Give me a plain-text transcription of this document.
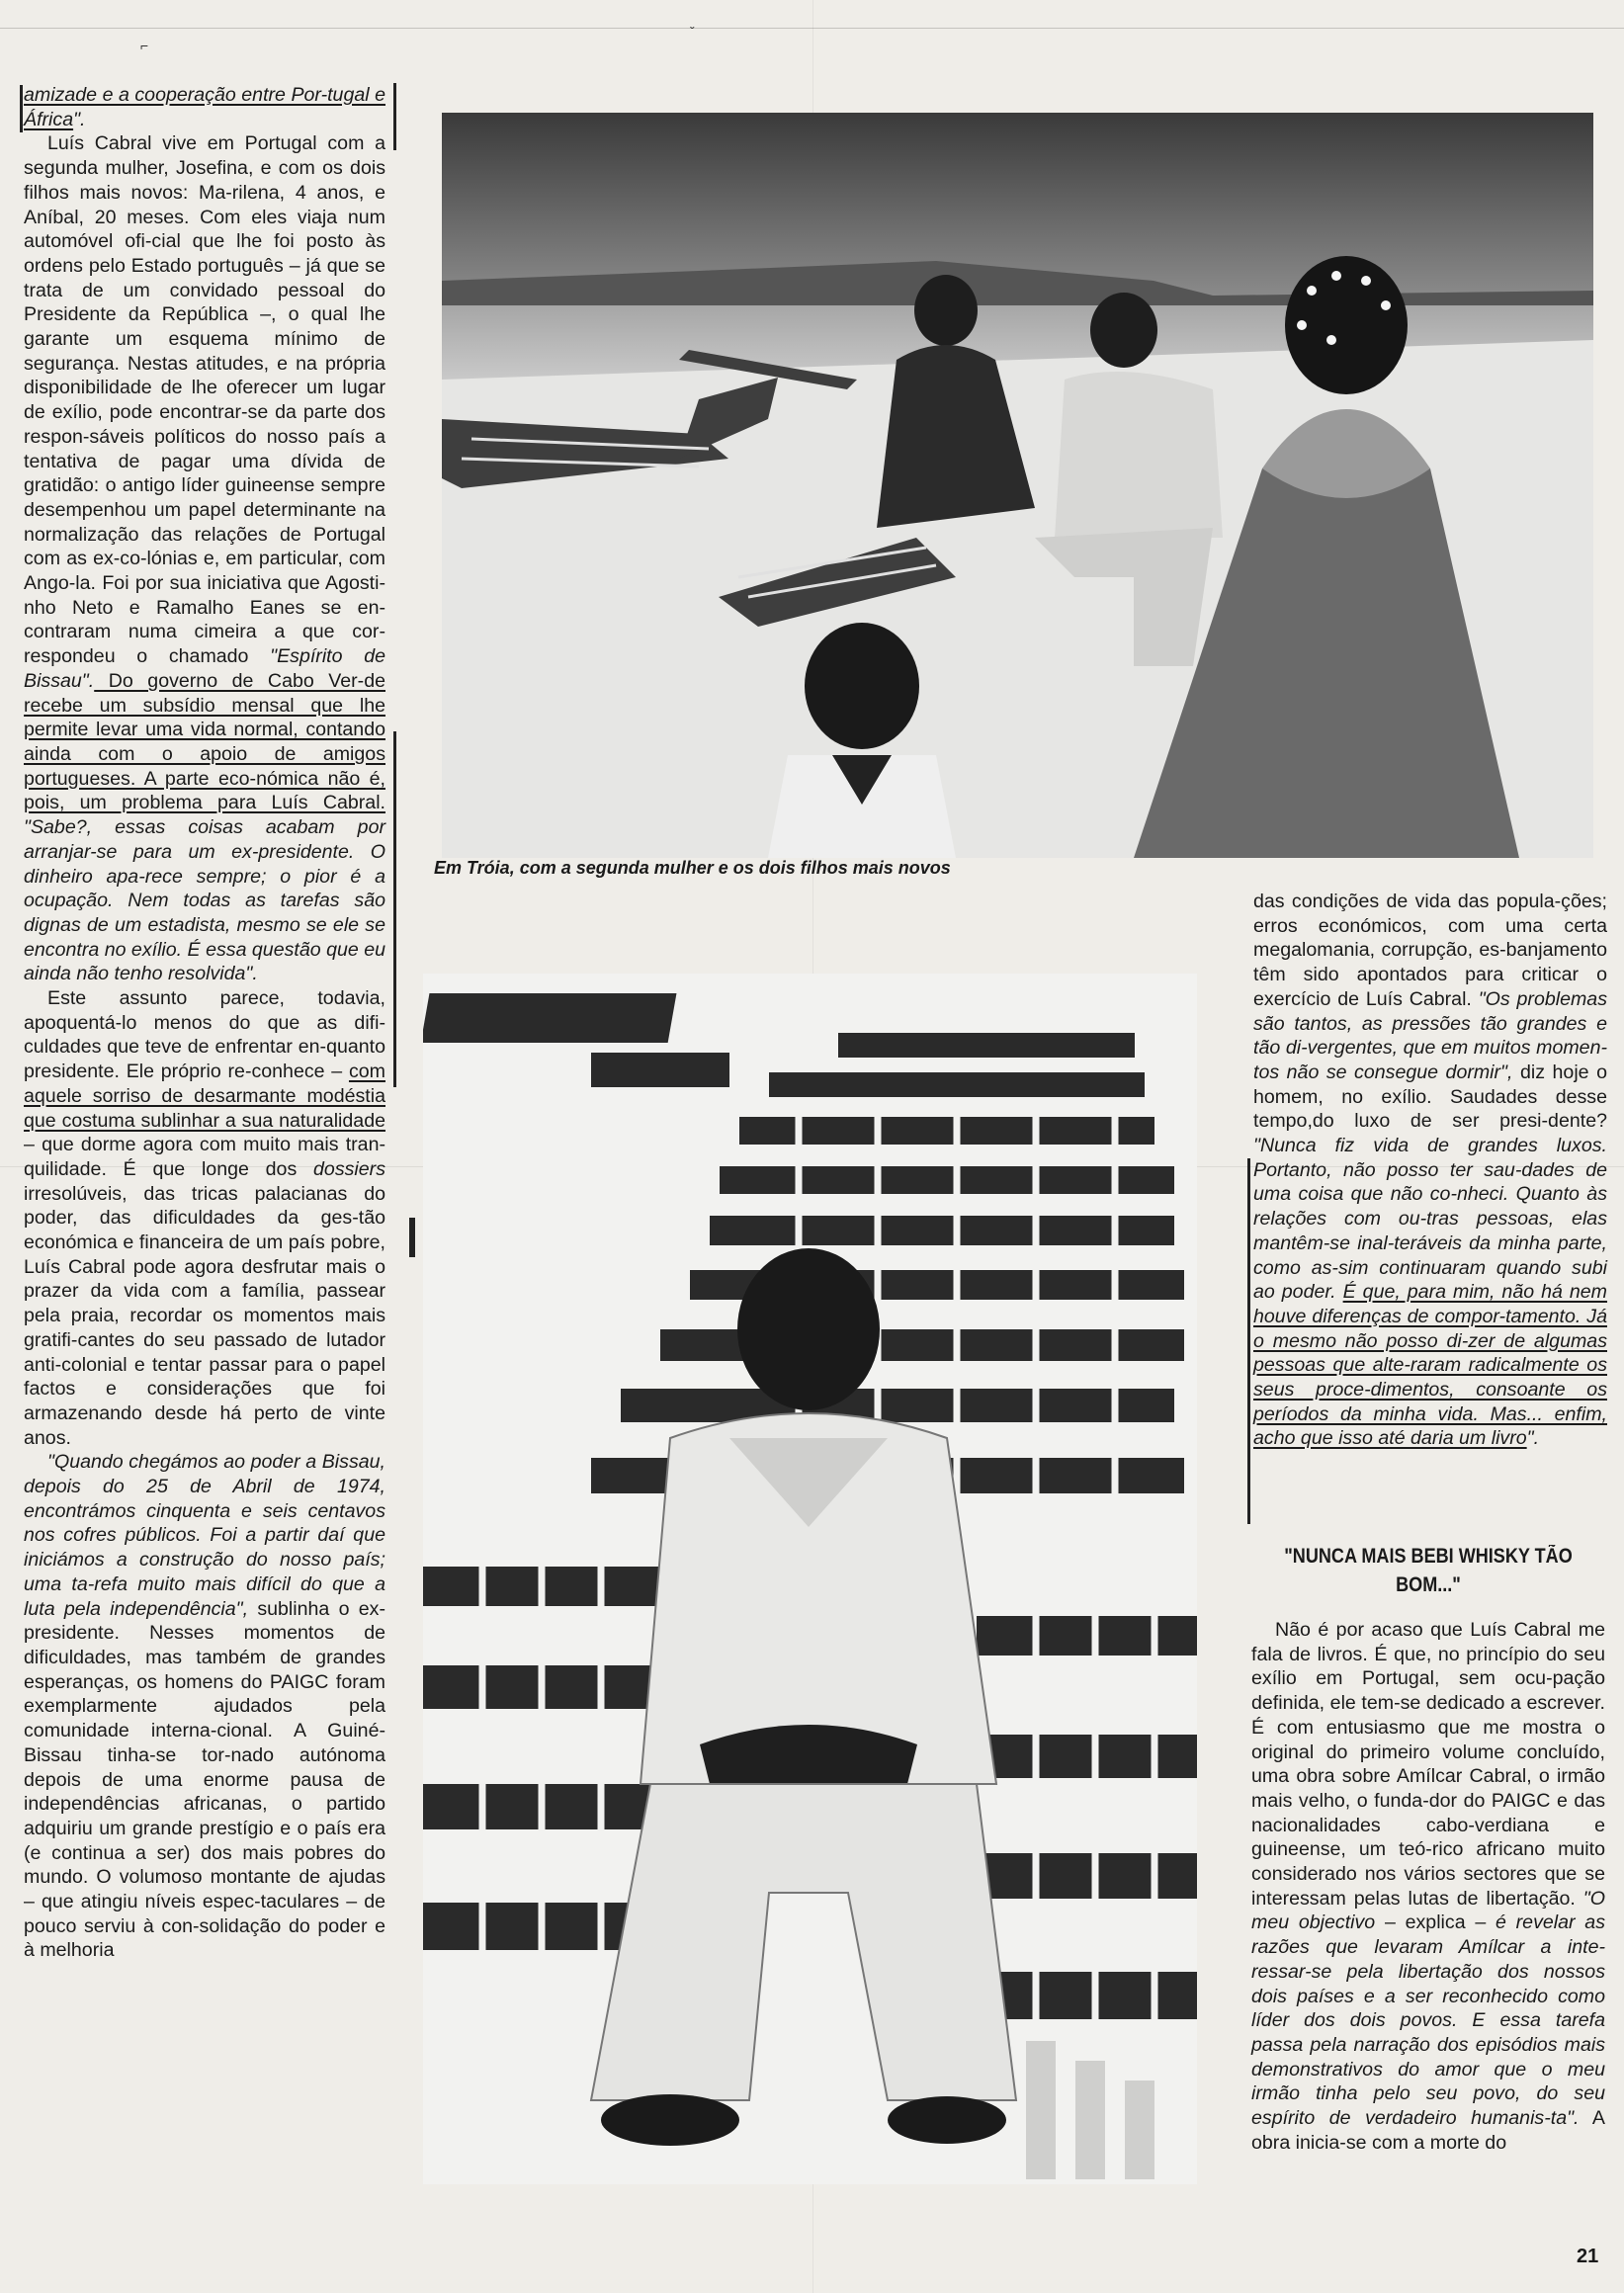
⌐
ˇ

amizade e a cooperação entre Por-tugal e África".

Luís Cabral vive em Portugal com a segunda mulher, Josefina, e com os dois filhos mais novos: Ma-rilena, 4 anos, e Aníbal, 20 meses. Com eles viaja num automóvel ofi-cial que lhe foi posto às ordens pelo Estado português – já que se trata de um convidado pessoal do Presidente da República –, o qual lhe garante um esquema mínimo de segurança. Nestas atitudes, e na própria disponibilidade de lhe oferecer um lugar de exílio, pode encontrar-se da parte dos respon-sáveis políticos do nosso país a tentativa de pagar uma dívida de gratidão: o antigo líder guineense sempre desempenhou um papel determinante na normalização das relações de Portugal com as ex-co-lónias e, em particular, com Ango-la. Foi por sua iniciativa que Agosti-nho Neto e Ramalho Eanes se en-contraram numa cimeira a que cor-respondeu o chamado "Espírito de Bissau". Do governo de Cabo Ver-de recebe um subsídio mensal que lhe permite levar uma vida normal, contando ainda com o apoio de amigos portugueses. A parte eco-nómica não é, pois, um problema para Luís Cabral. "Sabe?, essas coisas acabam por arranjar-se para um ex-presidente. O dinheiro apa-rece sempre; o pior é a ocupação. Nem todas as tarefas são dignas de um estadista, mesmo se ele se encontra no exílio. É essa questão que eu ainda não tenho resolvida".

Este assunto parece, todavia, apoquentá-lo menos do que as difi-culdades que teve de enfrentar en-quanto presidente. Ele próprio re-conhece – com aquele sorriso de desarmante modéstia que costuma sublinhar a sua naturalidade – que dorme agora com muito mais tran-quilidade. É que longe dos dossiers irresolúveis, das tricas palacianas do poder, das dificuldades da ges-tão económica e financeira de um país pobre, Luís Cabral pode agora desfrutar mais o prazer da vida com a família, passear pela praia, recordar os momentos mais gratifi-cantes do seu passado de lutador anti-colonial e tentar passar para o papel factos e considerações que foi armazenando desde há perto de vinte anos.

"Quando chegámos ao poder a Bissau, depois do 25 de Abril de 1974, encontrámos cinquenta e seis centavos nos cofres públicos. Foi a partir daí que iniciámos a construção do nosso país; uma ta-refa muito mais difícil do que a luta pela independência", sublinha o ex-presidente. Nesses momentos de dificuldades, mas também de grandes esperanças, os homens do PAIGC foram exemplarmente ajudados pela comunidade interna-cional. A Guiné-Bissau tinha-se tor-nado autónoma depois de uma enorme pausa de independências africanas, o partido adquiriu um grande prestígio e o país era (e continua a ser) dos mais pobres do mundo. O volumoso montante de ajudas – que atingiu níveis espec-taculares – de pouco serviu à con-solidação do poder e à melhoria

Em Tróia, com a segunda mulher e os dois filhos mais novos

das condições de vida das popula-ções; erros económicos, com uma certa megalomania, corrupção, es-banjamento têm sido apontados para criticar o exercício de Luís Cabral. "Os problemas são tantos, as pressões tão grandes e tão di-vergentes, que em muitos momen-tos não se consegue dormir", diz hoje o homem, no exílio. Saudades desse tempo,do luxo de ser presi-dente? "Nunca fiz vida de grandes luxos. Portanto, não posso ter sau-dades de uma coisa que não co-nheci. Quanto às relações com ou-tras pessoas, elas mantêm-se inal-teráveis da minha parte, como as-sim continuaram quando subi ao poder. É que, para mim, não há nem houve diferenças de compor-tamento. Já o mesmo não posso di-zer de algumas pessoas que alte-raram radicalmente os seus proce-dimentos, consoante os períodos da minha vida. Mas... enfim, acho que isso até daria um livro".

"NUNCA MAIS BEBI WHISKY TÃO BOM..."

Não é por acaso que Luís Cabral me fala de livros. É que, no princípio do seu exílio em Portugal, sem ocu-pação definida, ele tem-se dedicado a escrever. É com entusiasmo que me mostra o original do primeiro volume concluído, uma obra sobre Amílcar Cabral, o irmão mais velho, o funda-dor do PAIGC e das nacionalidades cabo-verdiana e guineense, um teó-rico africano muito considerado nos vários sectores que se interessam pelas lutas de libertação. "O meu objectivo – explica – é revelar as razões que levaram Amílcar a inte-ressar-se pela libertação dos nossos dois países e a ser reconhecido como líder dos dois povos. E essa tarefa passa pela narração dos episódios mais demonstrativos do amor que o meu irmão tinha pelo seu povo, do seu espírito de verdadeiro humanis-ta". A obra inicia-se com a morte do

21
